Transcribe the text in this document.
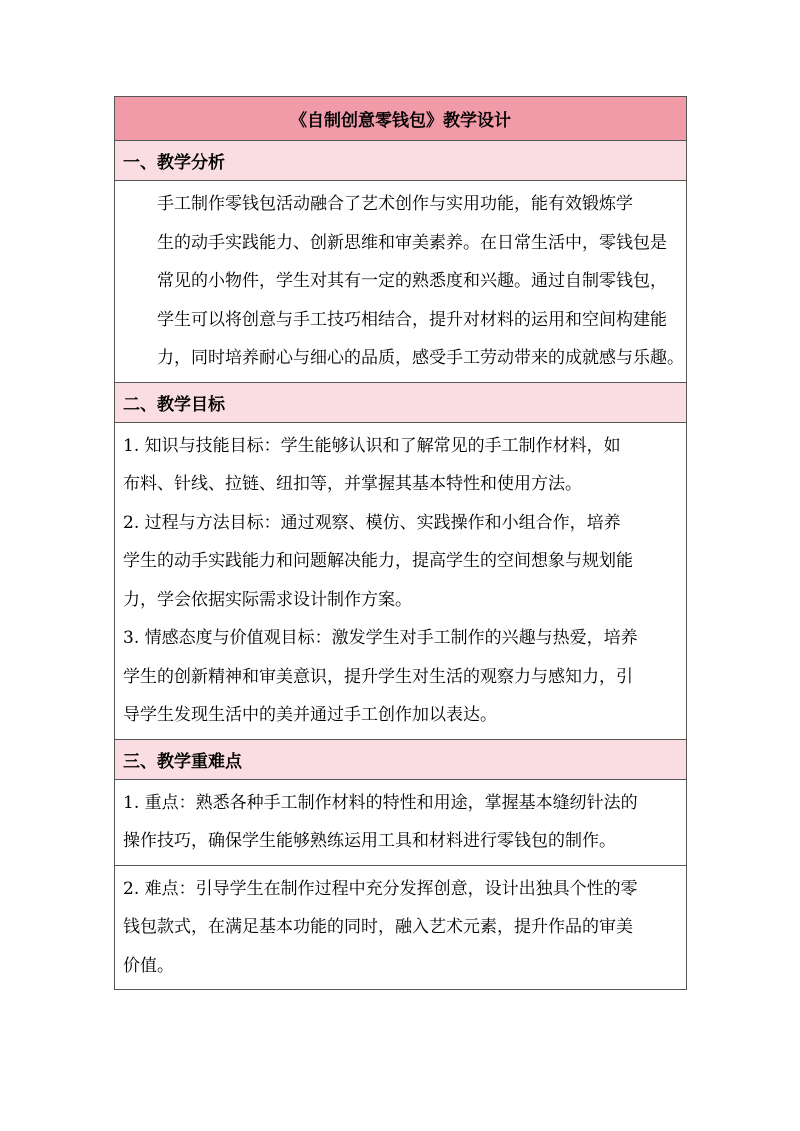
《自制创意零钱包》教学设计
一、教学分析

手工制作零钱包活动融合了艺术创作与实用功能，能有效锻炼学
生的动手实践能力、创新思维和审美素养。在日常生活中，零钱包是
常见的小物件，学生对其有一定的熟悉度和兴趣。通过自制零钱包，
学生可以将创意与手工技巧相结合，提升对材料的运用和空间构建能
力，同时培养耐心与细心的品质，感受手工劳动带来的成就感与乐趣。

二、教学目标

1. 知识与技能目标：学生能够认识和了解常见的手工制作材料，如
布料、针线、拉链、纽扣等，并掌握其基本特性和使用方法。
2. 过程与方法目标：通过观察、模仿、实践操作和小组合作，培养
学生的动手实践能力和问题解决能力，提高学生的空间想象与规划能
力，学会依据实际需求设计制作方案。
3. 情感态度与价值观目标：激发学生对手工制作的兴趣与热爱，培养
学生的创新精神和审美意识，提升学生对生活的观察力与感知力，引
导学生发现生活中的美并通过手工创作加以表达。

三、教学重难点

1. 重点：熟悉各种手工制作材料的特性和用途，掌握基本缝纫针法的
操作技巧，确保学生能够熟练运用工具和材料进行零钱包的制作。

2. 难点：引导学生在制作过程中充分发挥创意，设计出独具个性的零
钱包款式，在满足基本功能的同时，融入艺术元素，提升作品的审美
价值。
